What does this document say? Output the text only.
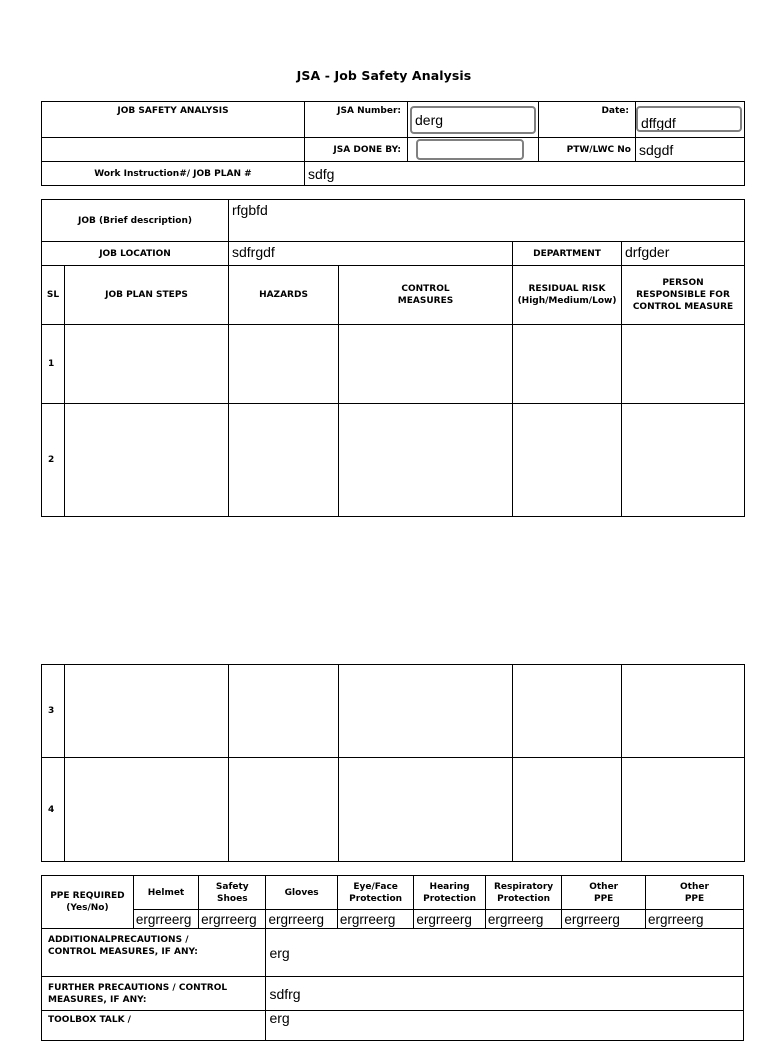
JSA - Job Safety Analysis
JOB SAFETY ANALYSIS	JSA Number:	derg	Date:	dffgdf

	JSA DONE BY:		PTW/LWC No	sdgdf
Work Instruction#/ JOB PLAN #	sdfg			
JOB (Brief description)		rfgbfd			
JOB LOCATION		sdfrgdf		DEPARTMENT	drfgder
SL	JOB PLAN STEPS	HAZARDS	CONTROL MEASURES	RESIDUAL RISK (High/Medium/Low)	PERSON RESPONSIBLE FOR CONTROL MEASURE
1					
2					
3					
4					
PPE REQUIRED (Yes/No)	Helmet	Safety Shoes	Gloves	Eye/Face Protection	Hearing Protection	Respiratory Protection	Other PPE	Other PPE
	ergrreerg	ergrreerg	ergrreerg	ergrreerg	ergrreerg	ergrreerg	ergrreerg	ergrreerg
ADDITIONALPRECAUTIONS / CONTROL MEASURES, IF ANY:			erg					
FURTHER PRECAUTIONS / CONTROL MEASURES, IF ANY:			sdfrg					
TOOLBOX TALK /			erg					
